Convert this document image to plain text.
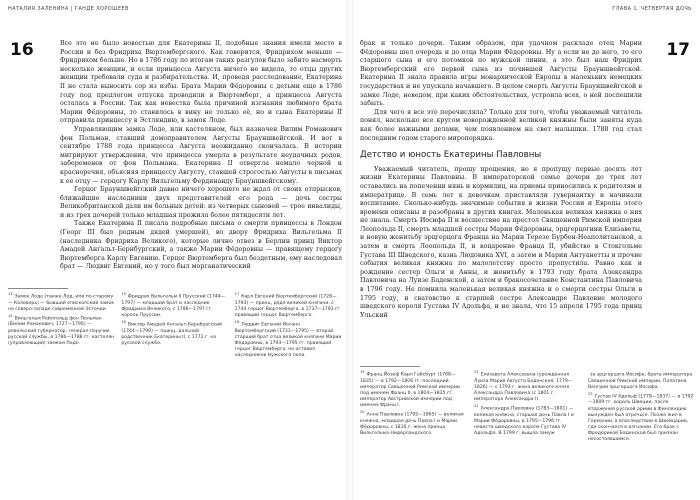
НАТАЛИЯ ЗАЛЕНИНА | ГАНДЕ ХОРОШЕЕВ
16	Все это не было новостью для Екатерины II, подобные знания имели место в России и без Фридриха Вюртембергского. Как говорится, Фридрихом меньше — Фридрихом больше. Но в 1786 году по итогам таких разгулов было забито насмерть несколько женщин, и если принцесса Августа ничего не видела, то отцы других женщин требовали суда и разбирательства. И, проведя расследование, Екатерина II не стала выносить сор из избы. Брата Марии Фёдоровны с детьми еще в 1786 году под предлогом отпуска проводили в Вюртемберг, а принцесса Августа осталась в России. Так как невестка была причиной изгнания любимого брата Марии Фёдоровны, то ставилось в вину не только её, но и сына Екатерины II отправила принцессу в Эстляндию, в замок Лоде.

Управляющим замка Лоде, или кастеляном, был назначен Вилим Романович фон Польман, ставший домоправителем Августы Брауншвейгской. И вот в сентябре 1788 года принцесса Августа неожиданно скончалась. В истории мигрируют утверждения, что принцесса умерла в результате неудачных родов, забеременев от фон Польмана. Екатерина II отвергла немало черной и красноречия, объясняя принцессу Августу, ставшей строгостью Августы в письмах к ее отцу — герцогу Карлу Вильгельму Фердинанду Брауншвейгскому.

Герцог Брауншвейгский давно ничего хорошего не ждал от своих отпрысков, ближайшие наследники двух представителей его рода — дочь сестры Великобританской дали им больных детей: из четверых сыновей — трое инвалиды, и из трех дочерей только младшая прожила более пятидесяти лет.

Также Екатерина II писала подробные письма о смерти принцессы в Лондон (Георг III был родным дядей умершей), во двору Фридриха Вильгельма II (наследника Фридриха Великого), которые лично отвез в Берлин принц Виктор Амадей Ангальт-Бернбургский, а также Марии Фёдоровны — правящему герцогу Вюртемберга Карлу Евгению. Герцог Вюртемберга был бездетным, ему наследовал брат — Людвиг Евгений, но у того был морганатический

$^{13}$Замок Лоде (также Лод, или по-старому — Коловерь) — бывший епископский замок на северо-западе современной Эстонии.
$^{14}$Вильгельм Рейнгольд фон Польман (Вилим Романович; 1727—1795) — ревельский губернатор, генерал-поручик русской службы, в 1786—1788 гг. кастелян (управляющий) замком Лоде.
$^{15}$Фридрих Вильгельм II Прусский (1744—1797) — младший брат и наследник Фридриха Великого, с 1786—1797 гг. король Пруссии.
$^{16}$Виктор Амадей Ангальт-Бернбургский (1744—1790) — принц, дальний родственник Екатерины II, с 1772 г. на русской службе.
$^{17}$Карл Евгений Вюртембергский (1728—1793) — принц, дядя великой княгини, с 1744 герцог Вюртемберга, в 1737—1793 гг. правящий герцог Вюртемберга.
$^{18}$Людвиг Евгений Иоганн Вюртембергский (1731—1795) — второй старший брат отца великой княгини Марии Фёдоровны, в 1793—1795 гг. правящий герцог Вюртемберга, не оставил наследников мужского пола.
ГЛАВА 1. ЧЕТВЕРТАЯ ДОЧЬ
17

брак и только дочери. Таким образом, при удачном раскладе отец Марии Фёдоровны шел очередь и до отца Марии Фёдоровны. Ну а если не до него, то его старшего сына и его потомков по мужской линии, а это был наш Фридрих Вюртембергский его первой сына из почившей Августы Брауншвейгской. Екатерина II знала правила игры монархической Европы в маленьких немецких государствах и не упускала начавшего. В целом смерть Августы Брауншвейгской в замке Лоде, неведом, при каких обстоятельствах, устроила всех, о ней поспешили забыть.

Для чего я все это перечисляла? Только для того, чтобы уважаемый читатель понял, насколько все кругом новорожденной великой княжны были заняты куда как более важными делами, чем появлением на свет малышки. 1788 год стал последним годом старого миропорядка.

Детство и юность Екатерины Павловны

Уважаемый читатель, прошу прощения, но я пропущу первые десять лет жизни Екатерины Павловны. В императорской семье дочери до трех лет оставались на попечении нянь и кормилиц, на приемы приносились к родителям и императрице. В семь лет к девочкам приставляли гувернантку и начинали воспитание. Сколько-нибудь значимые события в жизни России и Европы этого времени описаны и разобраны в других книгах. Маленькая великая княжна о них не знала. Смерть Иосифа II и восшествие на престол Священной Римской империи Леопольда II, смерть младшей сестры Марии Фёдоровны, эрцгерцогини Елизаветы, и новую женитьбу эрцгерцога Франца на Марии Терезе Бурбон-Неаполитанской, а затем и смерть Леопольда II, и воцарение Франца II, убийство в Стокгольме Густава III Шведского, казнь Людовика XVI, а затем и Марии Антуанетты и прочие события великая княжна по малолетству просто пропустила. Равно как и рождение сестер Ольги и Анны, и женитьбу в 1793 году брата Александра Павловича на Луизе Баденской, а затем и бракосочетание Константина Павловича в 1796 году. Не помнила маленькая великая княжна и о смерти сестры Ольги в 1795 году, и сватовство к старшей сестре Александре Павловне молодого шведского короля Густава IV Адольфа, и не знала, что 15 апреля 1795 года принц Ульский

$^{19}$Франц Йозеф Карл Габсбург (1768—1835) — в 1792—1806 гг. последний император Священной Римской империи под именем Франц II, в 1804—1835 гг. император Австрийской империи под именем Франц I.
$^{20}$Анна Павловна (1795—1865) — великая княжна, младшая дочь Павла I и Марии Фёдоровны, с 1816 г. жена принца Вильгельма Нидерландского.
$^{21}$Елизавета Алексеевна (урожденная Луиза Мария Августа Баденская; 1779—1826) — с 1793 г. жена великого князя Александра Павловича (с 1801 г. императора Александра I).
$^{22}$Александра Павловна (1783—1801) — великая княжна, старшая дочь Павла I и Марии Фёдоровны, в 1795—1796 гг. невеста шведского короля Густава IV Адольфа. В 1799 г. вышла замуж
за эрцгерцога Иосифа, брата императора Священной Римской империи, Палатина Венгрии эрцгерцога Иосифа.
$^{23}$Густав IV Адольф (1778—1837) — в 1792—1809 гг. король Швеции, после вторжения русской армии в Финляндию вынужден был отречься. Позже жил в Германии, а впоследствии в Швейцарии, где скончался в изгнании. Его брак с Фредерикой Баденской был признан несостоявшимся.
